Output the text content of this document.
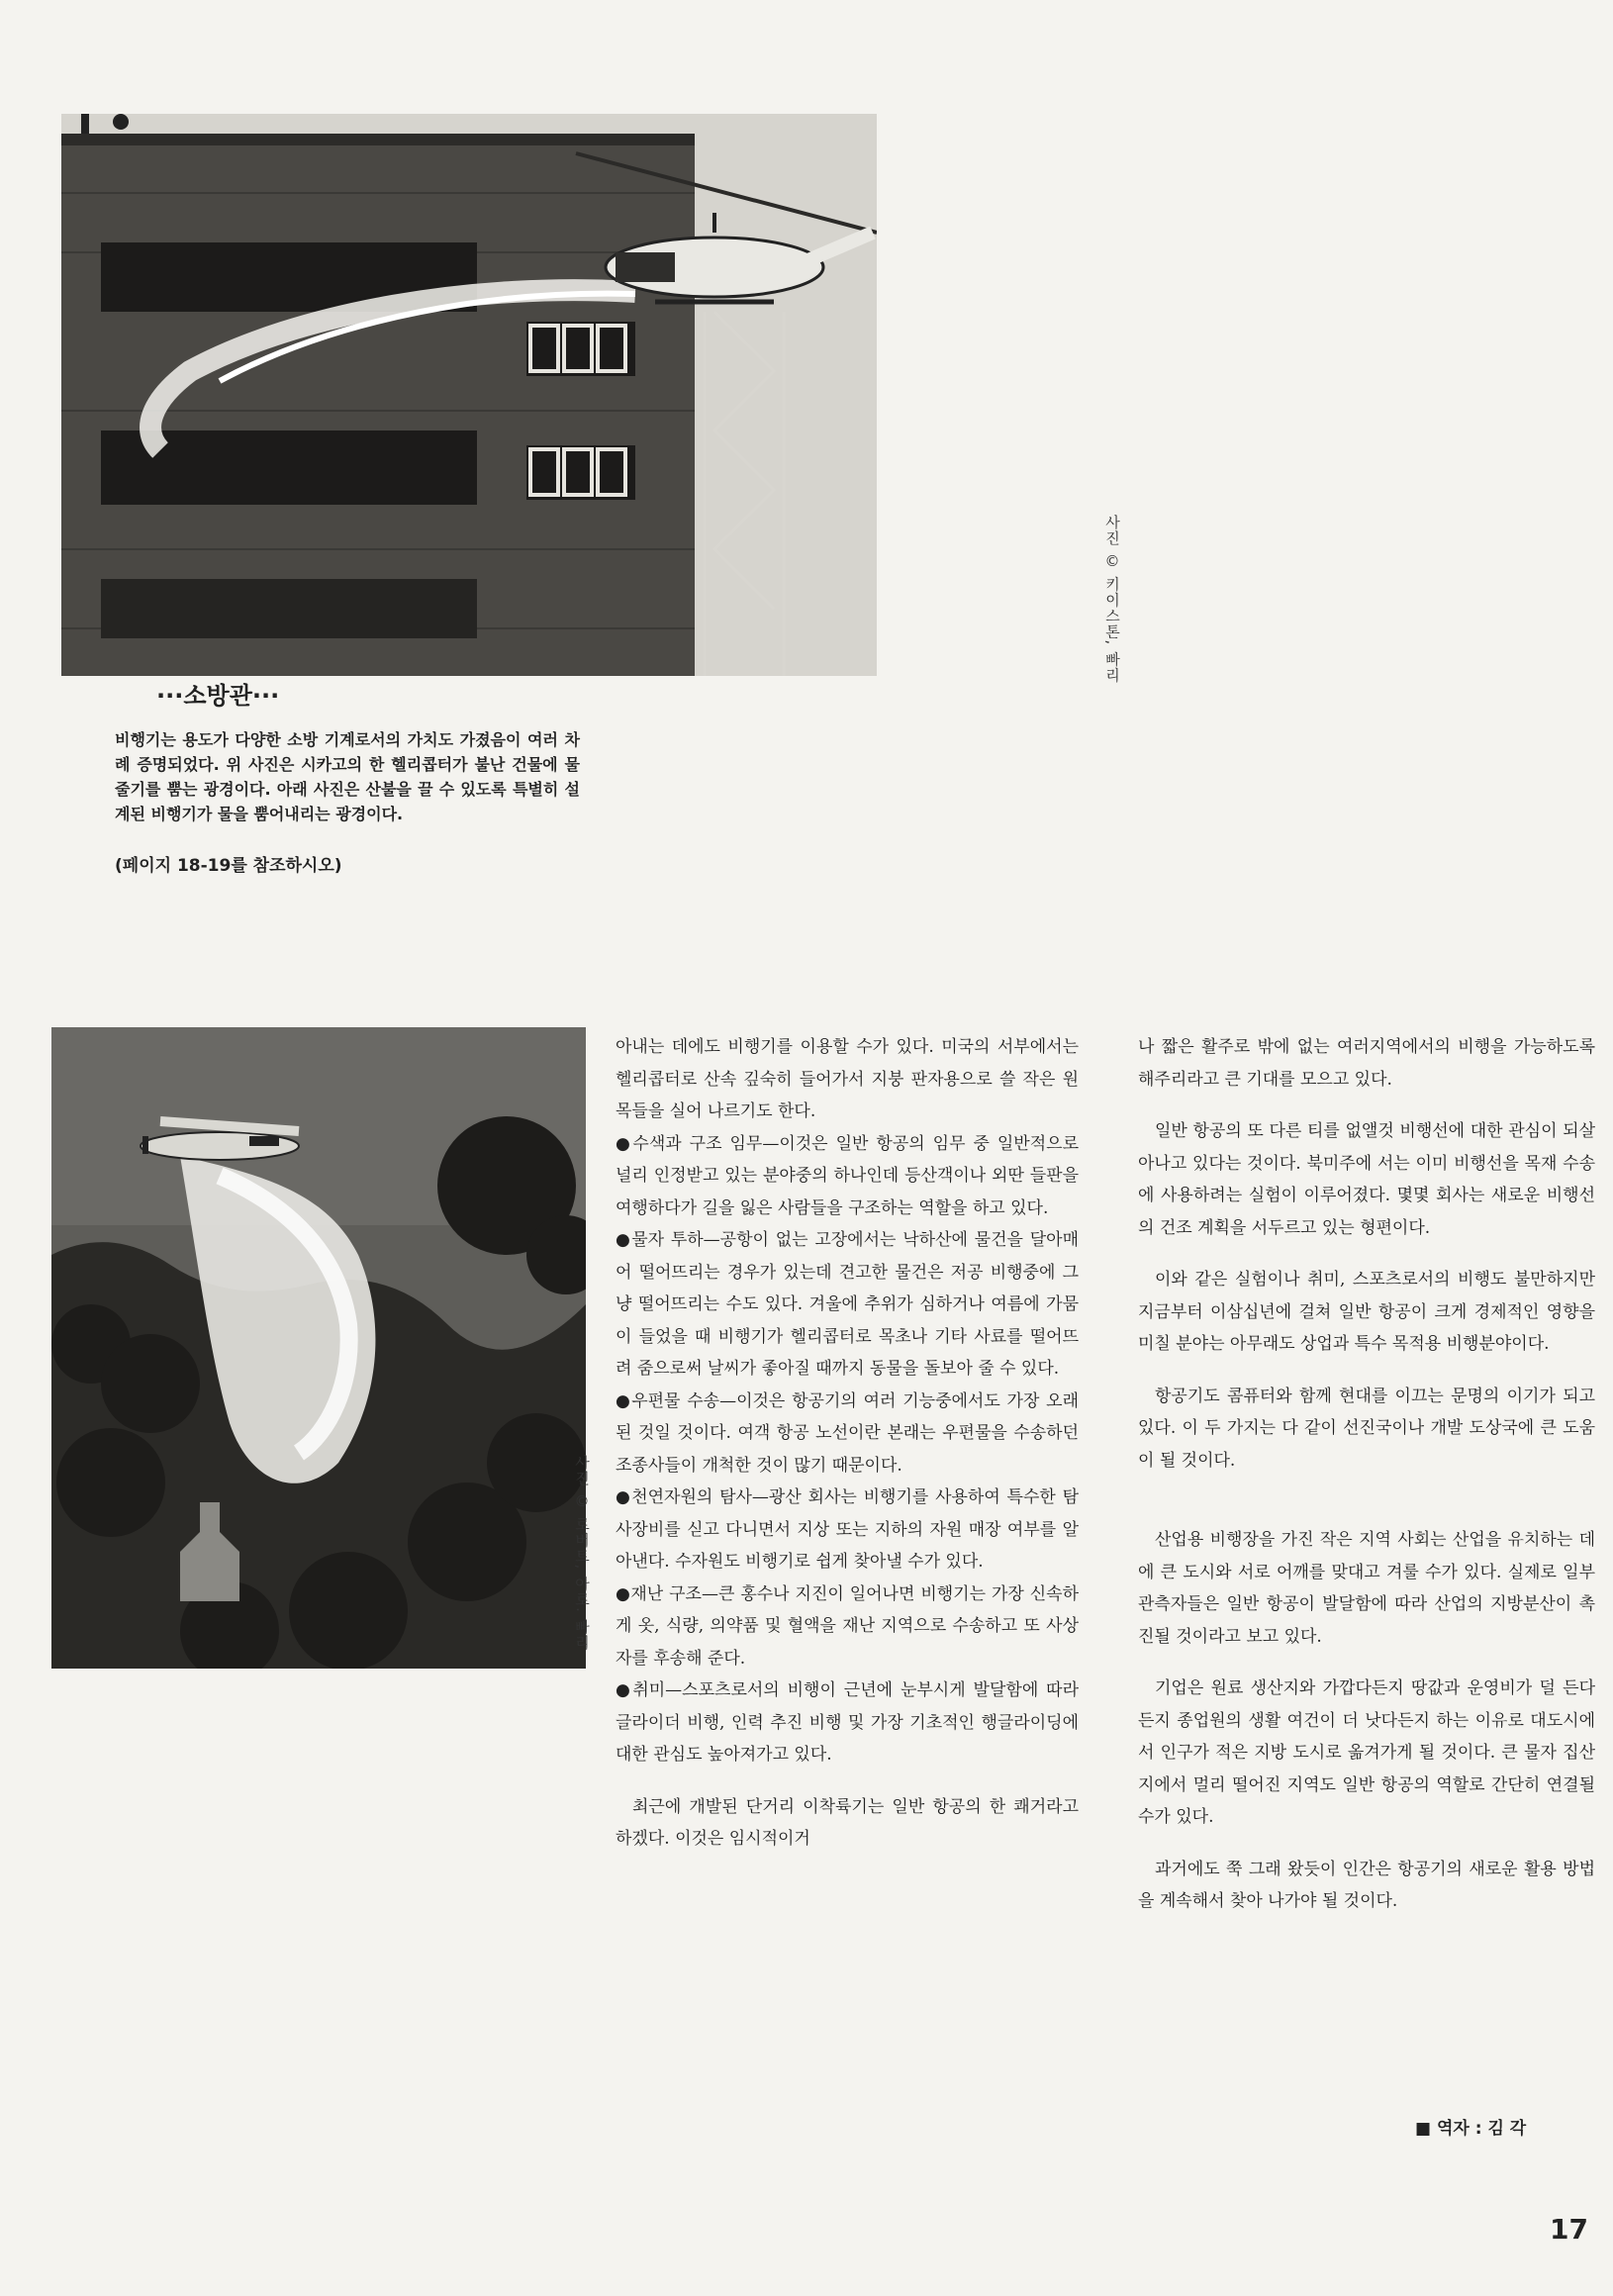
사진 © 키이스톤, 빠리
···소방관···
비행기는 용도가 다양한 소방 기계로서의 가치도 가졌음이 여러 차례 증명되었다. 위 사진은 시카고의 한 헬리콥터가 불난 건물에 물줄기를 뿜는 광경이다. 아래 사진은 산불을 끌 수 있도록 특별히 설계된 비행기가 물을 뿜어내리는 광경이다.
(페이지 18-19를 참조하시오)
사진 © 로버트, 아로. 빠리

아내는 데에도 비행기를 이용할 수가 있다. 미국의 서부에서는 헬리콥터로 산속 깊숙히 들어가서 지붕 판자용으로 쓸 작은 원목들을 실어 나르기도 한다.

●수색과 구조 임무—이것은 일반 항공의 임무 중 일반적으로 널리 인정받고 있는 분야중의 하나인데 등산객이나 외딴 들판을 여행하다가 길을 잃은 사람들을 구조하는 역할을 하고 있다.

●물자 투하—공항이 없는 고장에서는 낙하산에 물건을 달아매어 떨어뜨리는 경우가 있는데 견고한 물건은 저공 비행중에 그냥 떨어뜨리는 수도 있다. 겨울에 추위가 심하거나 여름에 가뭄이 들었을 때 비행기가 헬리콥터로 목초나 기타 사료를 떨어뜨려 줌으로써 날씨가 좋아질 때까지 동물을 돌보아 줄 수 있다.

●우편물 수송—이것은 항공기의 여러 기능중에서도 가장 오래된 것일 것이다. 여객 항공 노선이란 본래는 우편물을 수송하던 조종사들이 개척한 것이 많기 때문이다.

●천연자원의 탐사—광산 회사는 비행기를 사용하여 특수한 탐사장비를 싣고 다니면서 지상 또는 지하의 자원 매장 여부를 알아낸다. 수자원도 비행기로 쉽게 찾아낼 수가 있다.

●재난 구조—큰 홍수나 지진이 일어나면 비행기는 가장 신속하게 옷, 식량, 의약품 및 혈액을 재난 지역으로 수송하고 또 사상자를 후송해 준다.

●취미—스포츠로서의 비행이 근년에 눈부시게 발달함에 따라 글라이더 비행, 인력 추진 비행 및 가장 기초적인 행글라이딩에 대한 관심도 높아져가고 있다.

최근에 개발된 단거리 이착륙기는 일반 항공의 한 쾌거라고 하겠다. 이것은 임시적이거

나 짧은 활주로 밖에 없는 여러지역에서의 비행을 가능하도록 해주리라고 큰 기대를 모으고 있다.

일반 항공의 또 다른 티를 없앨것 비행선에 대한 관심이 되살아나고 있다는 것이다. 북미주에 서는 이미 비행선을 목재 수송에 사용하려는 실험이 이루어졌다. 몇몇 회사는 새로운 비행선의 건조 계획을 서두르고 있는 형편이다.

이와 같은 실험이나 취미, 스포츠로서의 비행도 불만하지만 지금부터 이삼십년에 걸쳐 일반 항공이 크게 경제적인 영향을 미칠 분야는 아무래도 상업과 특수 목적용 비행분야이다.

항공기도 콤퓨터와 함께 현대를 이끄는 문명의 이기가 되고 있다. 이 두 가지는 다 같이 선진국이나 개발 도상국에 큰 도움이 될 것이다.

산업용 비행장을 가진 작은 지역 사회는 산업을 유치하는 데에 큰 도시와 서로 어깨를 맞대고 겨룰 수가 있다. 실제로 일부 관측자들은 일반 항공이 발달함에 따라 산업의 지방분산이 촉진될 것이라고 보고 있다.

기업은 원료 생산지와 가깝다든지 땅값과 운영비가 덜 든다든지 종업원의 생활 여건이 더 낫다든지 하는 이유로 대도시에서 인구가 적은 지방 도시로 옮겨가게 될 것이다. 큰 물자 집산지에서 멀리 떨어진 지역도 일반 항공의 역할로 간단히 연결될 수가 있다.

과거에도 쭉 그래 왔듯이 인간은 항공기의 새로운 활용 방법을 계속해서 찾아 나가야 될 것이다.

■ 역자 : 김 각
17
